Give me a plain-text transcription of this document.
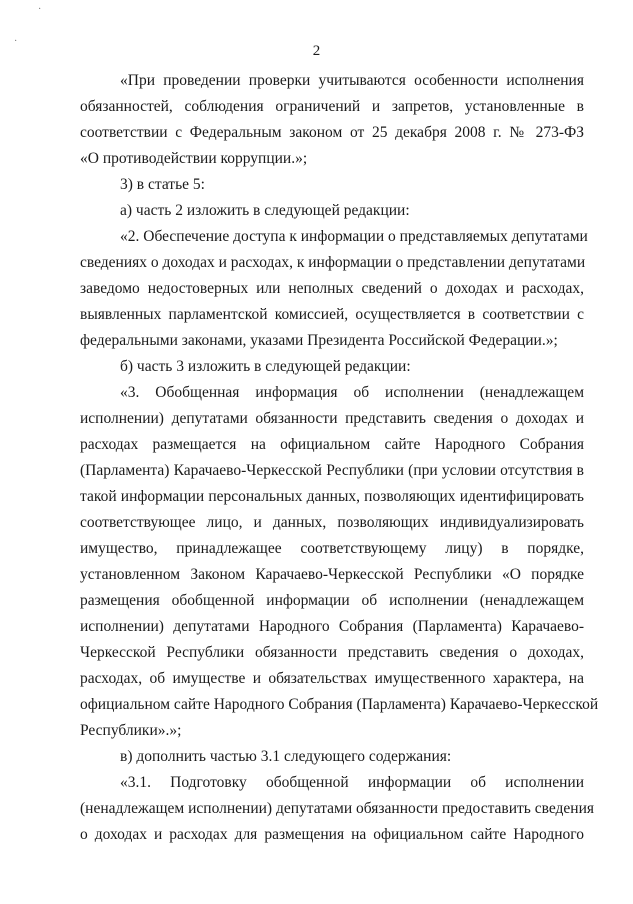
·
·
2
«При проведении проверки учитываются особенности исполнения
обязанностей, соблюдения ограничений и запретов, установленные в
соответствии с Федеральным законом от 25 декабря 2008 г. № 273-ФЗ
«О противодействии коррупции.»;
3) в статье 5:
а) часть 2 изложить в следующей редакции:
«2. Обеспечение доступа к информации о представляемых депутатами
сведениях о доходах и расходах, к информации о представлении депутатами
заведомо недостоверных или неполных сведений о доходах и расходах,
выявленных парламентской комиссией, осуществляется в соответствии с
федеральными законами, указами Президента Российской Федерации.»;
б) часть 3 изложить в следующей редакции:
«3. Обобщенная информация об исполнении (ненадлежащем
исполнении) депутатами обязанности представить сведения о доходах и
расходах размещается на официальном сайте Народного Собрания
(Парламента) Карачаево-Черкесской Республики (при условии отсутствия в
такой информации персональных данных, позволяющих идентифицировать
соответствующее лицо, и данных, позволяющих индивидуализировать
имущество, принадлежащее соответствующему лицу) в порядке,
установленном Законом Карачаево-Черкесской Республики «О порядке
размещения обобщенной информации об исполнении (ненадлежащем
исполнении) депутатами Народного Собрания (Парламента) Карачаево-
Черкесской Республики обязанности представить сведения о доходах,
расходах, об имуществе и обязательствах имущественного характера, на
официальном сайте Народного Собрания (Парламента) Карачаево-Черкесской
Республики».»;
в) дополнить частью 3.1 следующего содержания:
«3.1. Подготовку обобщенной информации об исполнении
(ненадлежащем исполнении) депутатами обязанности предоставить сведения
о доходах и расходах для размещения на официальном сайте Народного
